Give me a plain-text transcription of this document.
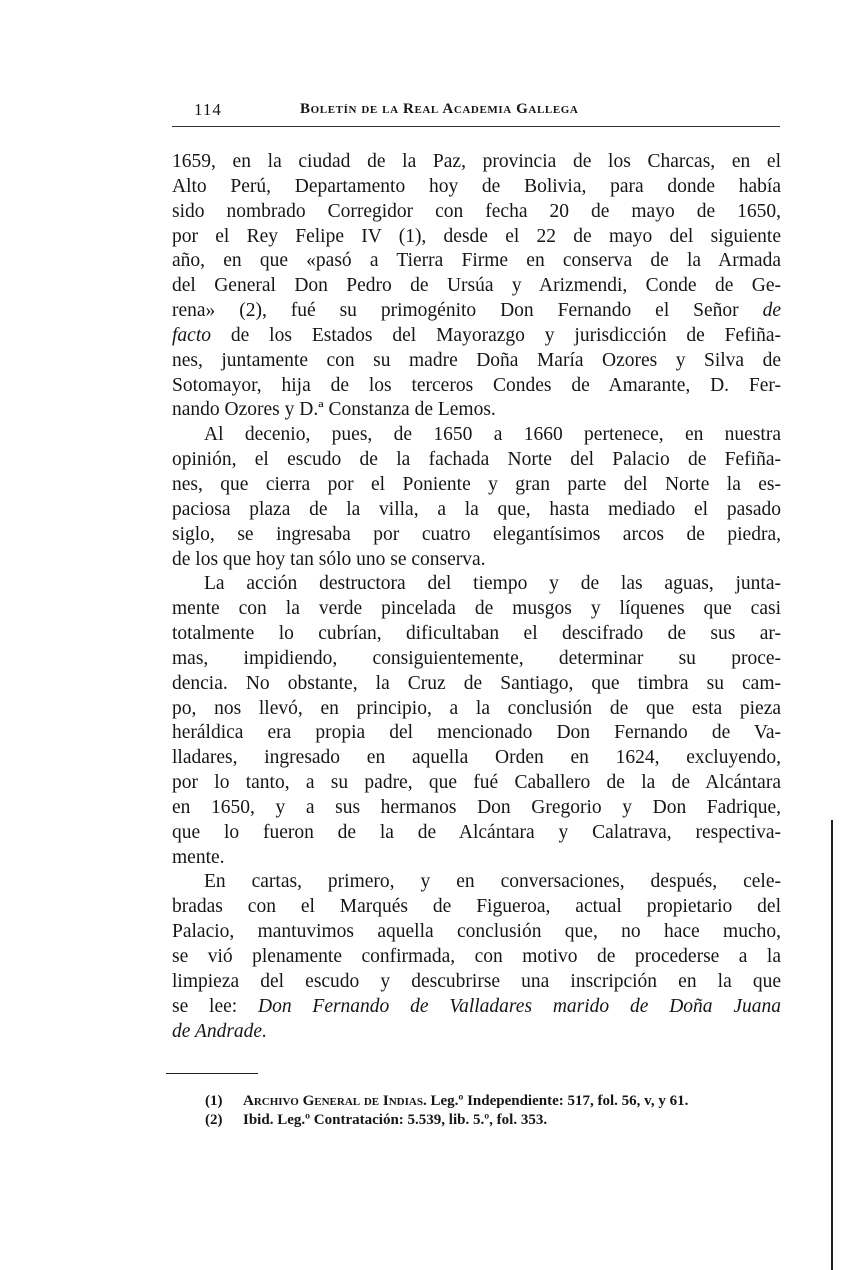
114	Boletín de la Real Academia Gallega
1659, en la ciudad de la Paz, provincia de los Charcas, en el
Alto Perú, Departamento hoy de Bolivia, para donde había
sido nombrado Corregidor con fecha 20 de mayo de 1650,
por el Rey Felipe IV (1), desde el 22 de mayo del siguiente
año, en que «pasó a Tierra Firme en conserva de la Armada
del General Don Pedro de Ursúa y Arizmendi, Conde de Ge-
rena» (2), fué su primogénito Don Fernando el Señor de
facto de los Estados del Mayorazgo y jurisdicción de Fefiña-
nes, juntamente con su madre Doña María Ozores y Silva de
Sotomayor, hija de los terceros Condes de Amarante, D. Fer-
nando Ozores y D.ª Constanza de Lemos.
Al decenio, pues, de 1650 a 1660 pertenece, en nuestra
opinión, el escudo de la fachada Norte del Palacio de Fefiña-
nes, que cierra por el Poniente y gran parte del Norte la es-
paciosa plaza de la villa, a la que, hasta mediado el pasado
siglo, se ingresaba por cuatro elegantísimos arcos de piedra,
de los que hoy tan sólo uno se conserva.
La acción destructora del tiempo y de las aguas, junta-
mente con la verde pincelada de musgos y líquenes que casi
totalmente lo cubrían, dificultaban el descifrado de sus ar-
mas, impidiendo, consiguientemente, determinar su proce-
dencia. No obstante, la Cruz de Santiago, que timbra su cam-
po, nos llevó, en principio, a la conclusión de que esta pieza
heráldica era propia del mencionado Don Fernando de Va-
lladares, ingresado en aquella Orden en 1624, excluyendo,
por lo tanto, a su padre, que fué Caballero de la de Alcántara
en 1650, y a sus hermanos Don Gregorio y Don Fadrique,
que lo fueron de la de Alcántara y Calatrava, respectiva-
mente.
En cartas, primero, y en conversaciones, después, cele-
bradas con el Marqués de Figueroa, actual propietario del
Palacio, mantuvimos aquella conclusión que, no hace mucho,
se vió plenamente confirmada, con motivo de procederse a la
limpieza del escudo y descubrirse una inscripción en la que
se lee: Don Fernando de Valladares marido de Doña Juana
de Andrade.
(1) Archivo General de Indias. Leg.º Independiente: 517, fol. 56, v, y 61.
(2) Ibid. Leg.º Contratación: 5.539, lib. 5.º, fol. 353.
